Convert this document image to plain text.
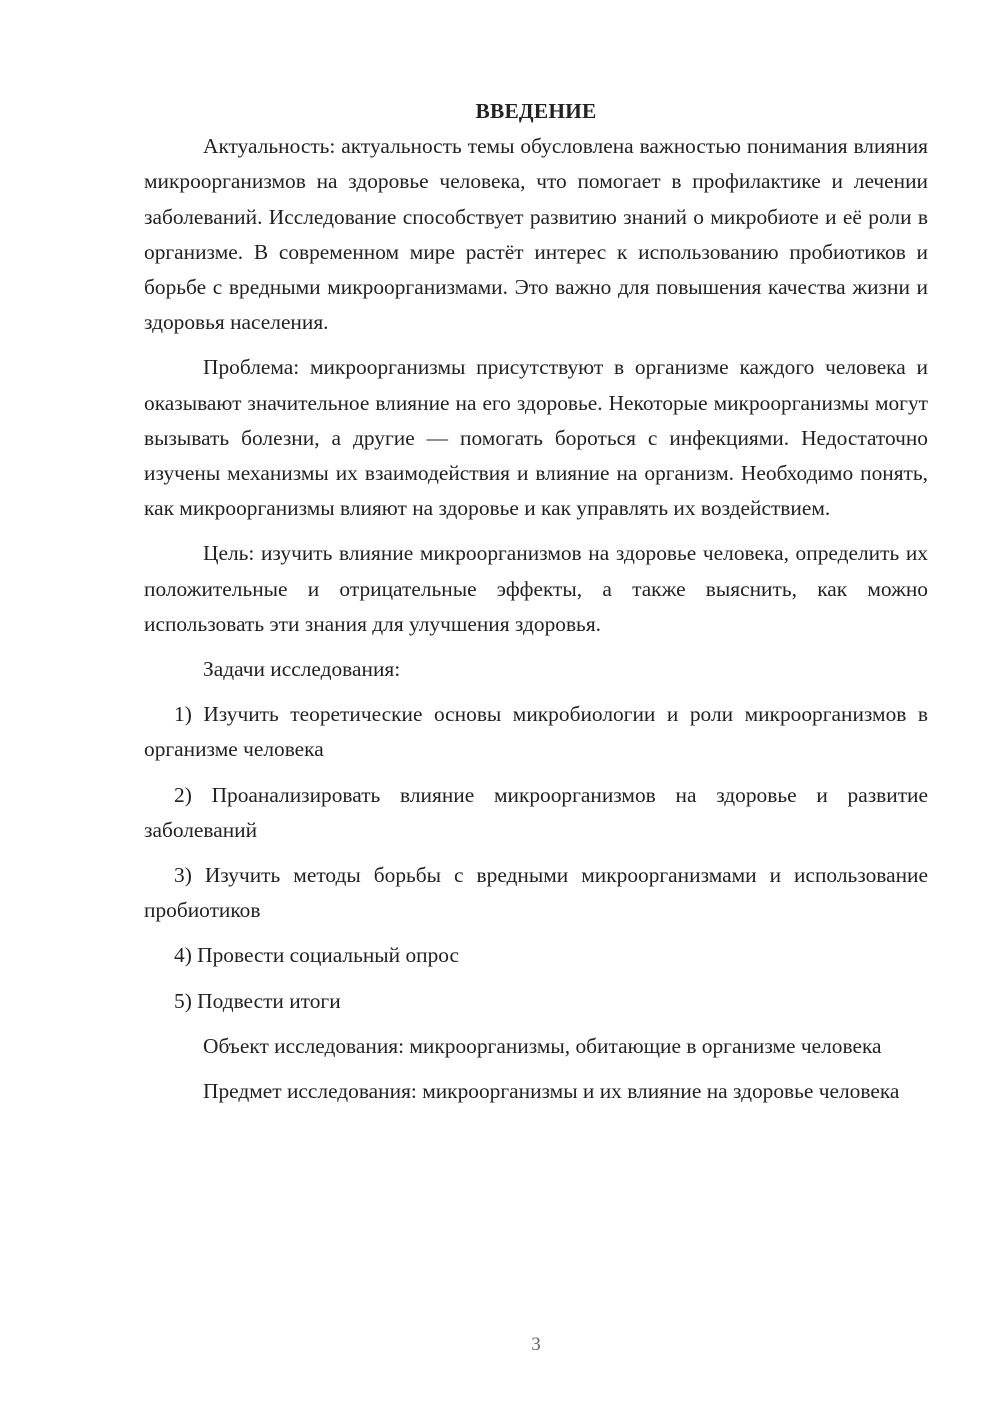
ВВЕДЕНИЕ

Актуальность: актуальность темы обусловлена важностью понимания влияния микроорганизмов на здоровье человека, что помогает в профилактике и лечении заболеваний. Исследование способствует развитию знаний о микробиоте и её роли в организме. В современном мире растёт интерес к использованию пробиотиков и борьбе с вредными микроорганизмами. Это важно для повышения качества жизни и здоровья населения.

Проблема: микроорганизмы присутствуют в организме каждого человека и оказывают значительное влияние на его здоровье. Некоторые микроорганизмы могут вызывать болезни, а другие — помогать бороться с инфекциями. Недостаточно изучены механизмы их взаимодействия и влияние на организм. Необходимо понять, как микроорганизмы влияют на здоровье и как управлять их воздействием.

Цель: изучить влияние микроорганизмов на здоровье человека, определить их положительные и отрицательные эффекты, а также выяснить, как можно использовать эти знания для улучшения здоровья.

Задачи исследования:

1) Изучить теоретические основы микробиологии и роли микроорганизмов в организме человека

2) Проанализировать влияние микроорганизмов на здоровье и развитие заболеваний

3) Изучить методы борьбы с вредными микроорганизмами и использование пробиотиков

4) Провести социальный опрос

5) Подвести итоги

Объект исследования: микроорганизмы, обитающие в организме человека

Предмет исследования: микроорганизмы и их влияние на здоровье человека

3
